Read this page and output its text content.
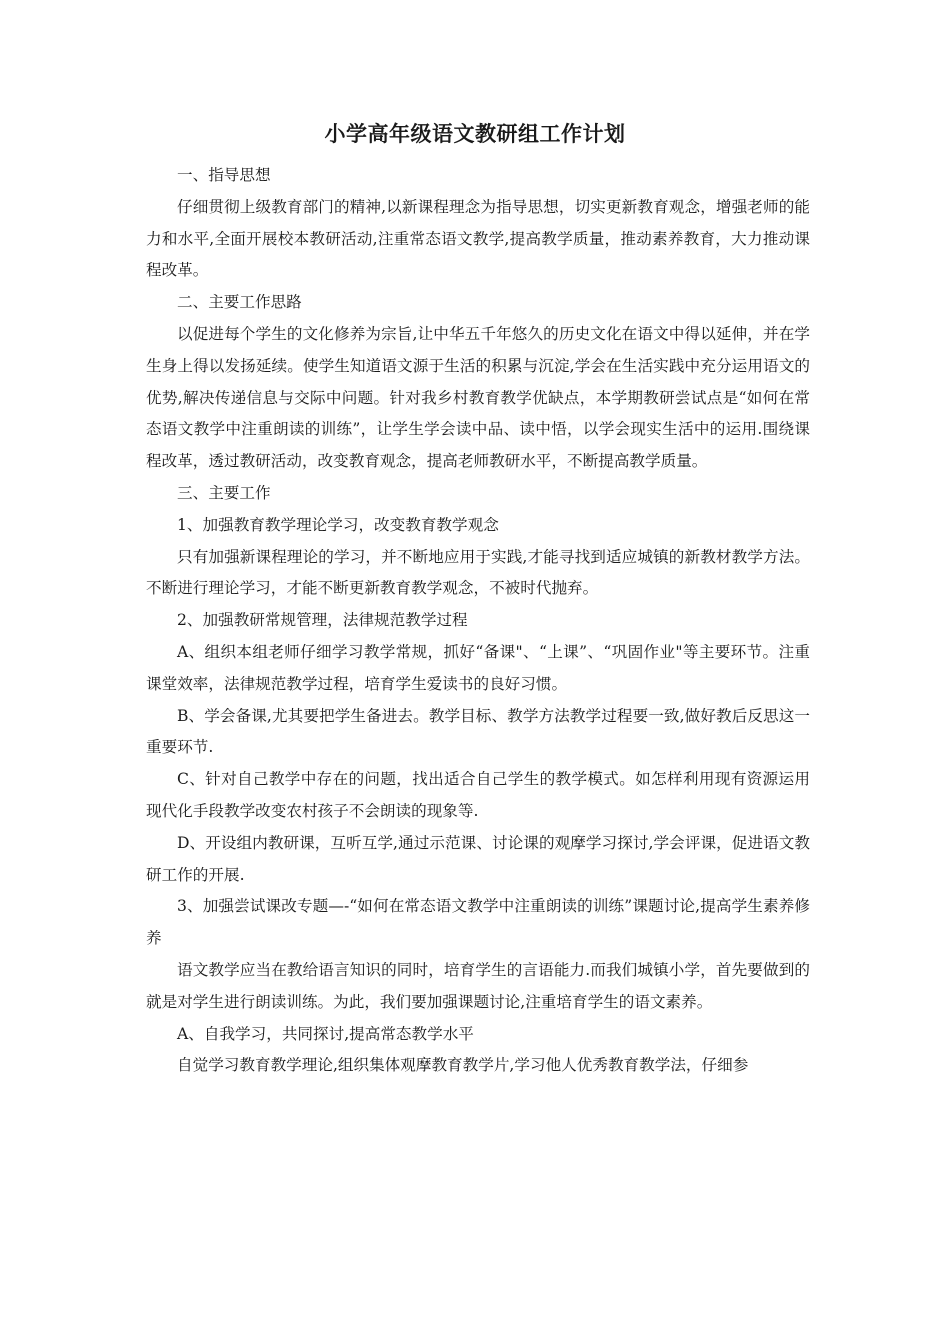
小学高年级语文教研组工作计划

一、指导思想

仔细贯彻上级教育部门的精神,以新课程理念为指导思想，切实更新教育观念，增强老师的能力和水平,全面开展校本教研活动,注重常态语文教学,提高教学质量，推动素养教育，大力推动课程改革。

二、主要工作思路

以促进每个学生的文化修养为宗旨,让中华五千年悠久的历史文化在语文中得以延伸，并在学生身上得以发扬延续。使学生知道语文源于生活的积累与沉淀,学会在生活实践中充分运用语文的优势,解决传递信息与交际中问题。针对我乡村教育教学优缺点，本学期教研尝试点是“如何在常态语文教学中注重朗读的训练”，让学生学会读中品、读中悟，以学会现实生活中的运用.围绕课程改革，透过教研活动，改变教育观念，提高老师教研水平，不断提高教学质量。

三、主要工作

1、加强教育教学理论学习，改变教育教学观念

只有加强新课程理论的学习，并不断地应用于实践,才能寻找到适应城镇的新教材教学方法。不断进行理论学习，才能不断更新教育教学观念，不被时代抛弃。

2、加强教研常规管理，法律规范教学过程

A、组织本组老师仔细学习教学常规，抓好“备课"、“上课”、“巩固作业"等主要环节。注重课堂效率，法律规范教学过程，培育学生爱读书的良好习惯。

B、学会备课,尤其要把学生备进去。教学目标、教学方法教学过程要一致,做好教后反思这一重要环节.

C、针对自己教学中存在的问题，找出适合自己学生的教学模式。如怎样利用现有资源运用现代化手段教学改变农村孩子不会朗读的现象等.

D、开设组内教研课，互听互学,通过示范课、讨论课的观摩学习探讨,学会评课，促进语文教研工作的开展.

3、加强尝试课改专题—-“如何在常态语文教学中注重朗读的训练”课题讨论,提高学生素养修养

语文教学应当在教给语言知识的同时，培育学生的言语能力.而我们城镇小学，首先要做到的就是对学生进行朗读训练。为此，我们要加强课题讨论,注重培育学生的语文素养。

A、自我学习，共同探讨,提高常态教学水平

自觉学习教育教学理论,组织集体观摩教育教学片,学习他人优秀教育教学法，仔细参
